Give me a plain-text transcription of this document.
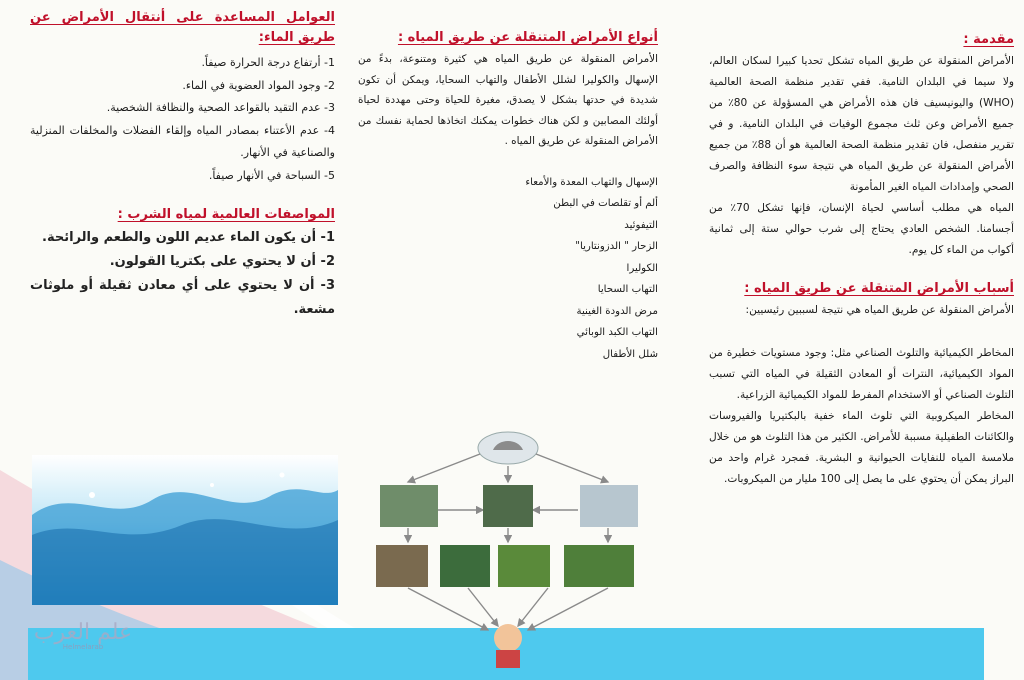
مقدمة :

الأمراض المنقولة عن طريق المياه تشكل تحديا كبيرا لسكان العالم، ولا سيما في البلدان النامية. ففي تقدير منظمة الصحة العالمية (WHO) واليونيسيف فان هذه الأمراض هي المسؤولة عن 80٪ من جميع الأمراض وعن ثلث مجموع الوفيات في البلدان النامية. و في تقرير منفصل، فان تقدير منظمة الصحة العالمية هو أن 88٪ من جميع الأمراض المنقولة عن طريق المياه هي نتيجة سوء النظافة والصرف الصحي وإمدادات المياه الغير المأمونة

المياه هي مطلب أساسي لحياة الإنسان، فإنها تشكل 70٪ من أجسامنا. الشخص العادي يحتاج إلى شرب حوالي ستة إلى ثمانية أكواب من الماء كل يوم.

أسباب الأمراض المتنقلة عن طريق المياه :

الأمراض المنقولة عن طريق المياه هي نتيجة لسببين رئيسيين:

المخاطر الكيميائية والتلوث الصناعي مثل: وجود مستويات خطيرة من المواد الكيميائية، النترات أو المعادن الثقيلة في المياه التي تسبب التلوث الصناعي أو الاستخدام المفرط للمواد الكيميائية الزراعية.

المخاطر الميكروبية التي تلوث الماء خفية بالبكتيريا والفيروسات والكائنات الطفيلية مسببة للأمراض. الكثير من هذا التلوث هو من خلال ملامسة المياه للنفايات الحيوانية و البشرية. فمجرد غرام واحد من البراز يمكن أن يحتوي على ما يصل إلى 100 مليار من الميكروبات.

أنواع الأمراض المتنقلة عن طريق المياه :

الأمراض المنقولة عن طريق المياه هي كثيرة ومتنوعة، بدءً من الإسهال والكوليرا لشلل الأطفال والتهاب السحايا، ويمكن أن تكون شديدة في حدتها بشكل لا يصدق، مغيرة للحياة وحتى مهددة لحياة أولئك المصابين و لكن هناك خطوات يمكنك اتخاذها لحماية نفسك من الأمراض المنقولة عن طريق المياه .

الإسهال والتهاب المعدة والأمعاء
ألم أو تقلصات في البطن
التيفوئيد
الزحار " الدزونتاريا"
الكوليرا
التهاب السحايا
مرض الدودة الغينية
التهاب الكبد الوبائي
شلل الأطفال
العوامل المساعدة على أنتقال الأمراض عن طريق الماء:
1- أرتفاع درجة الحرارة صيفاً.
2- وجود المواد العضوية في الماء.
3- عدم التقيد بالقواعد الصحية والنظافة الشخصية.
4- عدم الأعتناء بمصادر المياه وإلقاء الفضلات والمخلفات المنزلية والصناعية في الأنهار.
5- السباحة في الأنهار صيفاً.
المواصفات العالمية لمياه الشرب :
1- أن يكون الماء عديم اللون والطعم والرائحة.
2- أن لا يحتوي على بكتريا القولون.
3- أن لا يحتوي على أي معادن ثقيلة أو ملوثات مشعة.
علم العرب
Helmelarab
